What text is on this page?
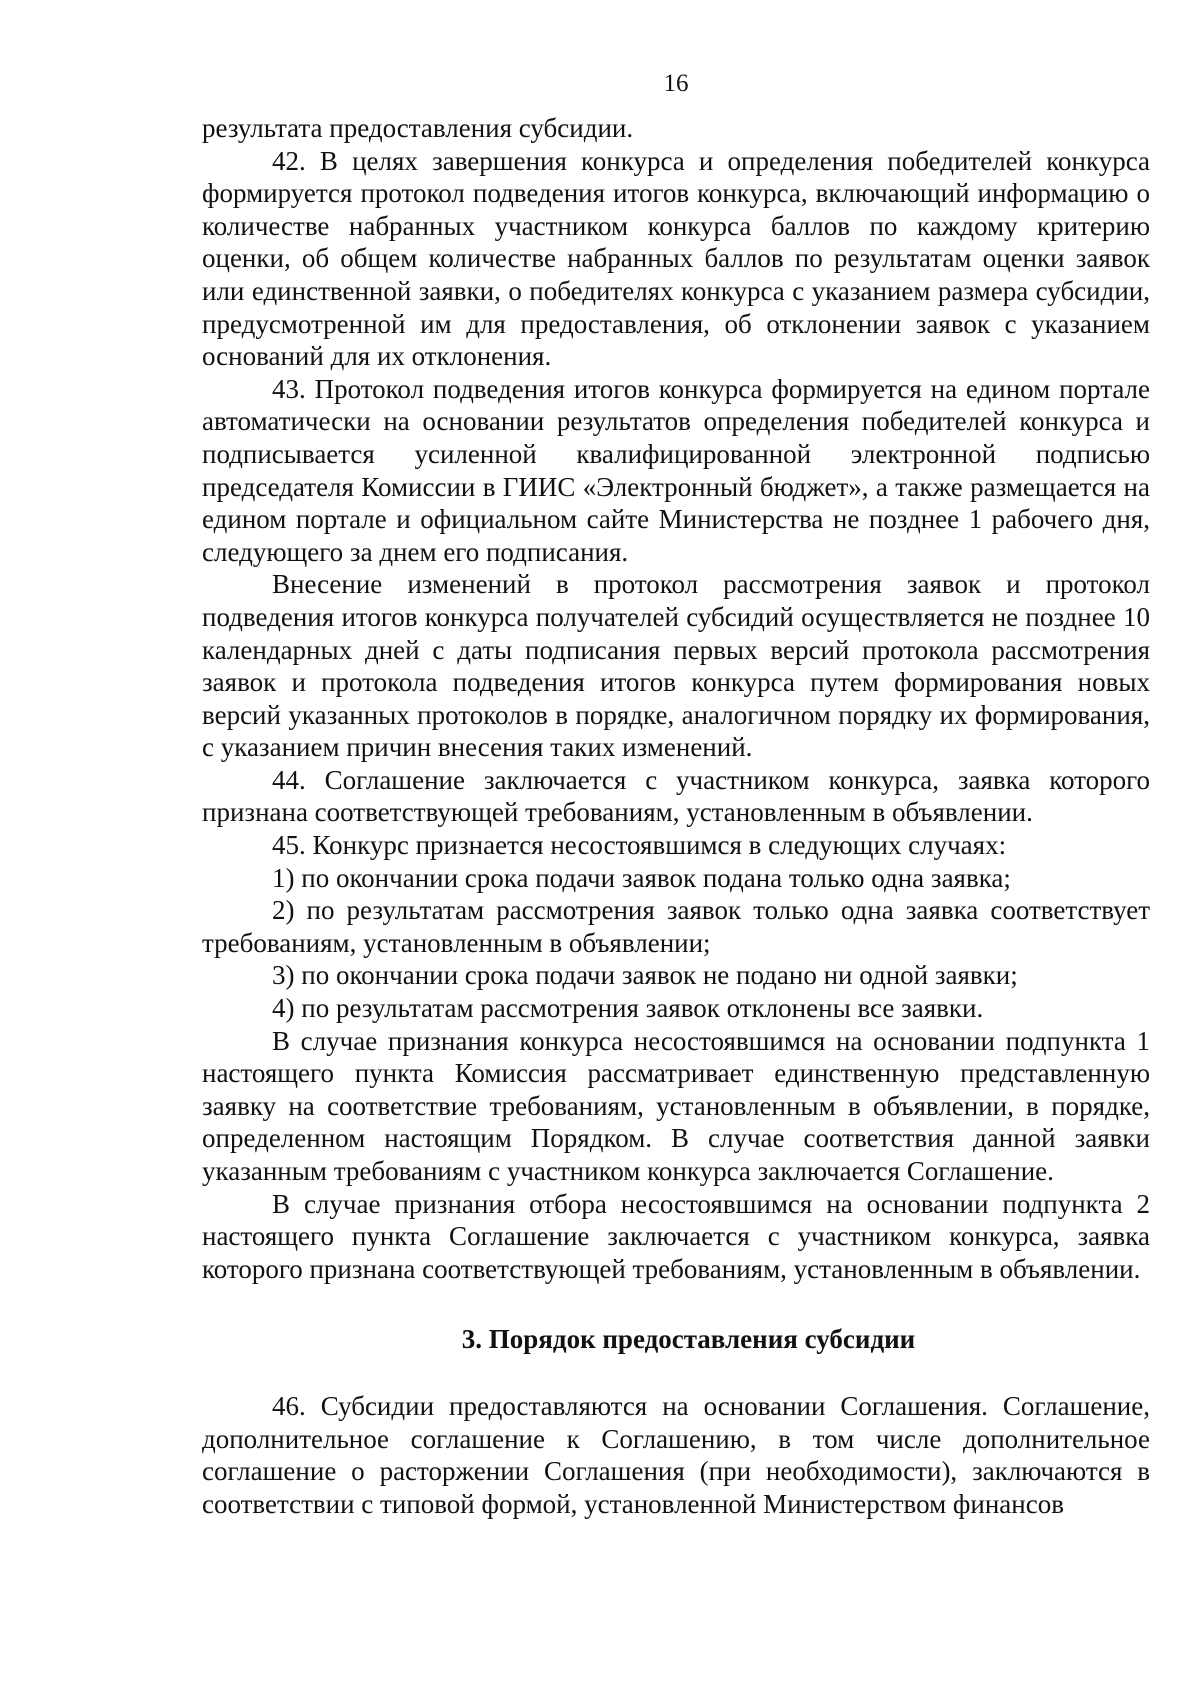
16

результата предоставления субсидии.

42. В целях завершения конкурса и определения победителей конкурса формируется протокол подведения итогов конкурса, включающий информацию о количестве набранных участником конкурса баллов по каждому критерию оценки, об общем количестве набранных баллов по результатам оценки заявок или единственной заявки, о победителях конкурса с указанием размера субсидии, предусмотренной им для предоставления, об отклонении заявок с указанием оснований для их отклонения.

43. Протокол подведения итогов конкурса формируется на едином портале автоматически на основании результатов определения победителей конкурса и подписывается усиленной квалифицированной электронной подписью председателя Комиссии в ГИИС «Электронный бюджет», а также размещается на едином портале и официальном сайте Министерства не позднее 1 рабочего дня, следующего за днем его подписания.

Внесение изменений в протокол рассмотрения заявок и протокол подведения итогов конкурса получателей субсидий осуществляется не позднее 10 календарных дней с даты подписания первых версий протокола рассмотрения заявок и протокола подведения итогов конкурса путем формирования новых версий указанных протоколов в порядке, аналогичном порядку их формирования, с указанием причин внесения таких изменений.

44. Соглашение заключается с участником конкурса, заявка которого признана соответствующей требованиям, установленным в объявлении.

45. Конкурс признается несостоявшимся в следующих случаях:

1) по окончании срока подачи заявок подана только одна заявка;

2) по результатам рассмотрения заявок только одна заявка соответствует требованиям, установленным в объявлении;

3) по окончании срока подачи заявок не подано ни одной заявки;

4) по результатам рассмотрения заявок отклонены все заявки.

В случае признания конкурса несостоявшимся на основании подпункта 1 настоящего пункта Комиссия рассматривает единственную представленную заявку на соответствие требованиям, установленным в объявлении, в порядке, определенном настоящим Порядком. В случае соответствия данной заявки указанным требованиям с участником конкурса заключается Соглашение.

В случае признания отбора несостоявшимся на основании подпункта 2 настоящего пункта Соглашение заключается с участником конкурса, заявка которого признана соответствующей требованиям, установленным в объявлении.

3. Порядок предоставления субсидии

46. Субсидии предоставляются на основании Соглашения. Соглашение, дополнительное соглашение к Соглашению, в том числе дополнительное соглашение о расторжении Соглашения (при необходимости), заключаются в соответствии с типовой формой, установленной Министерством финансов
